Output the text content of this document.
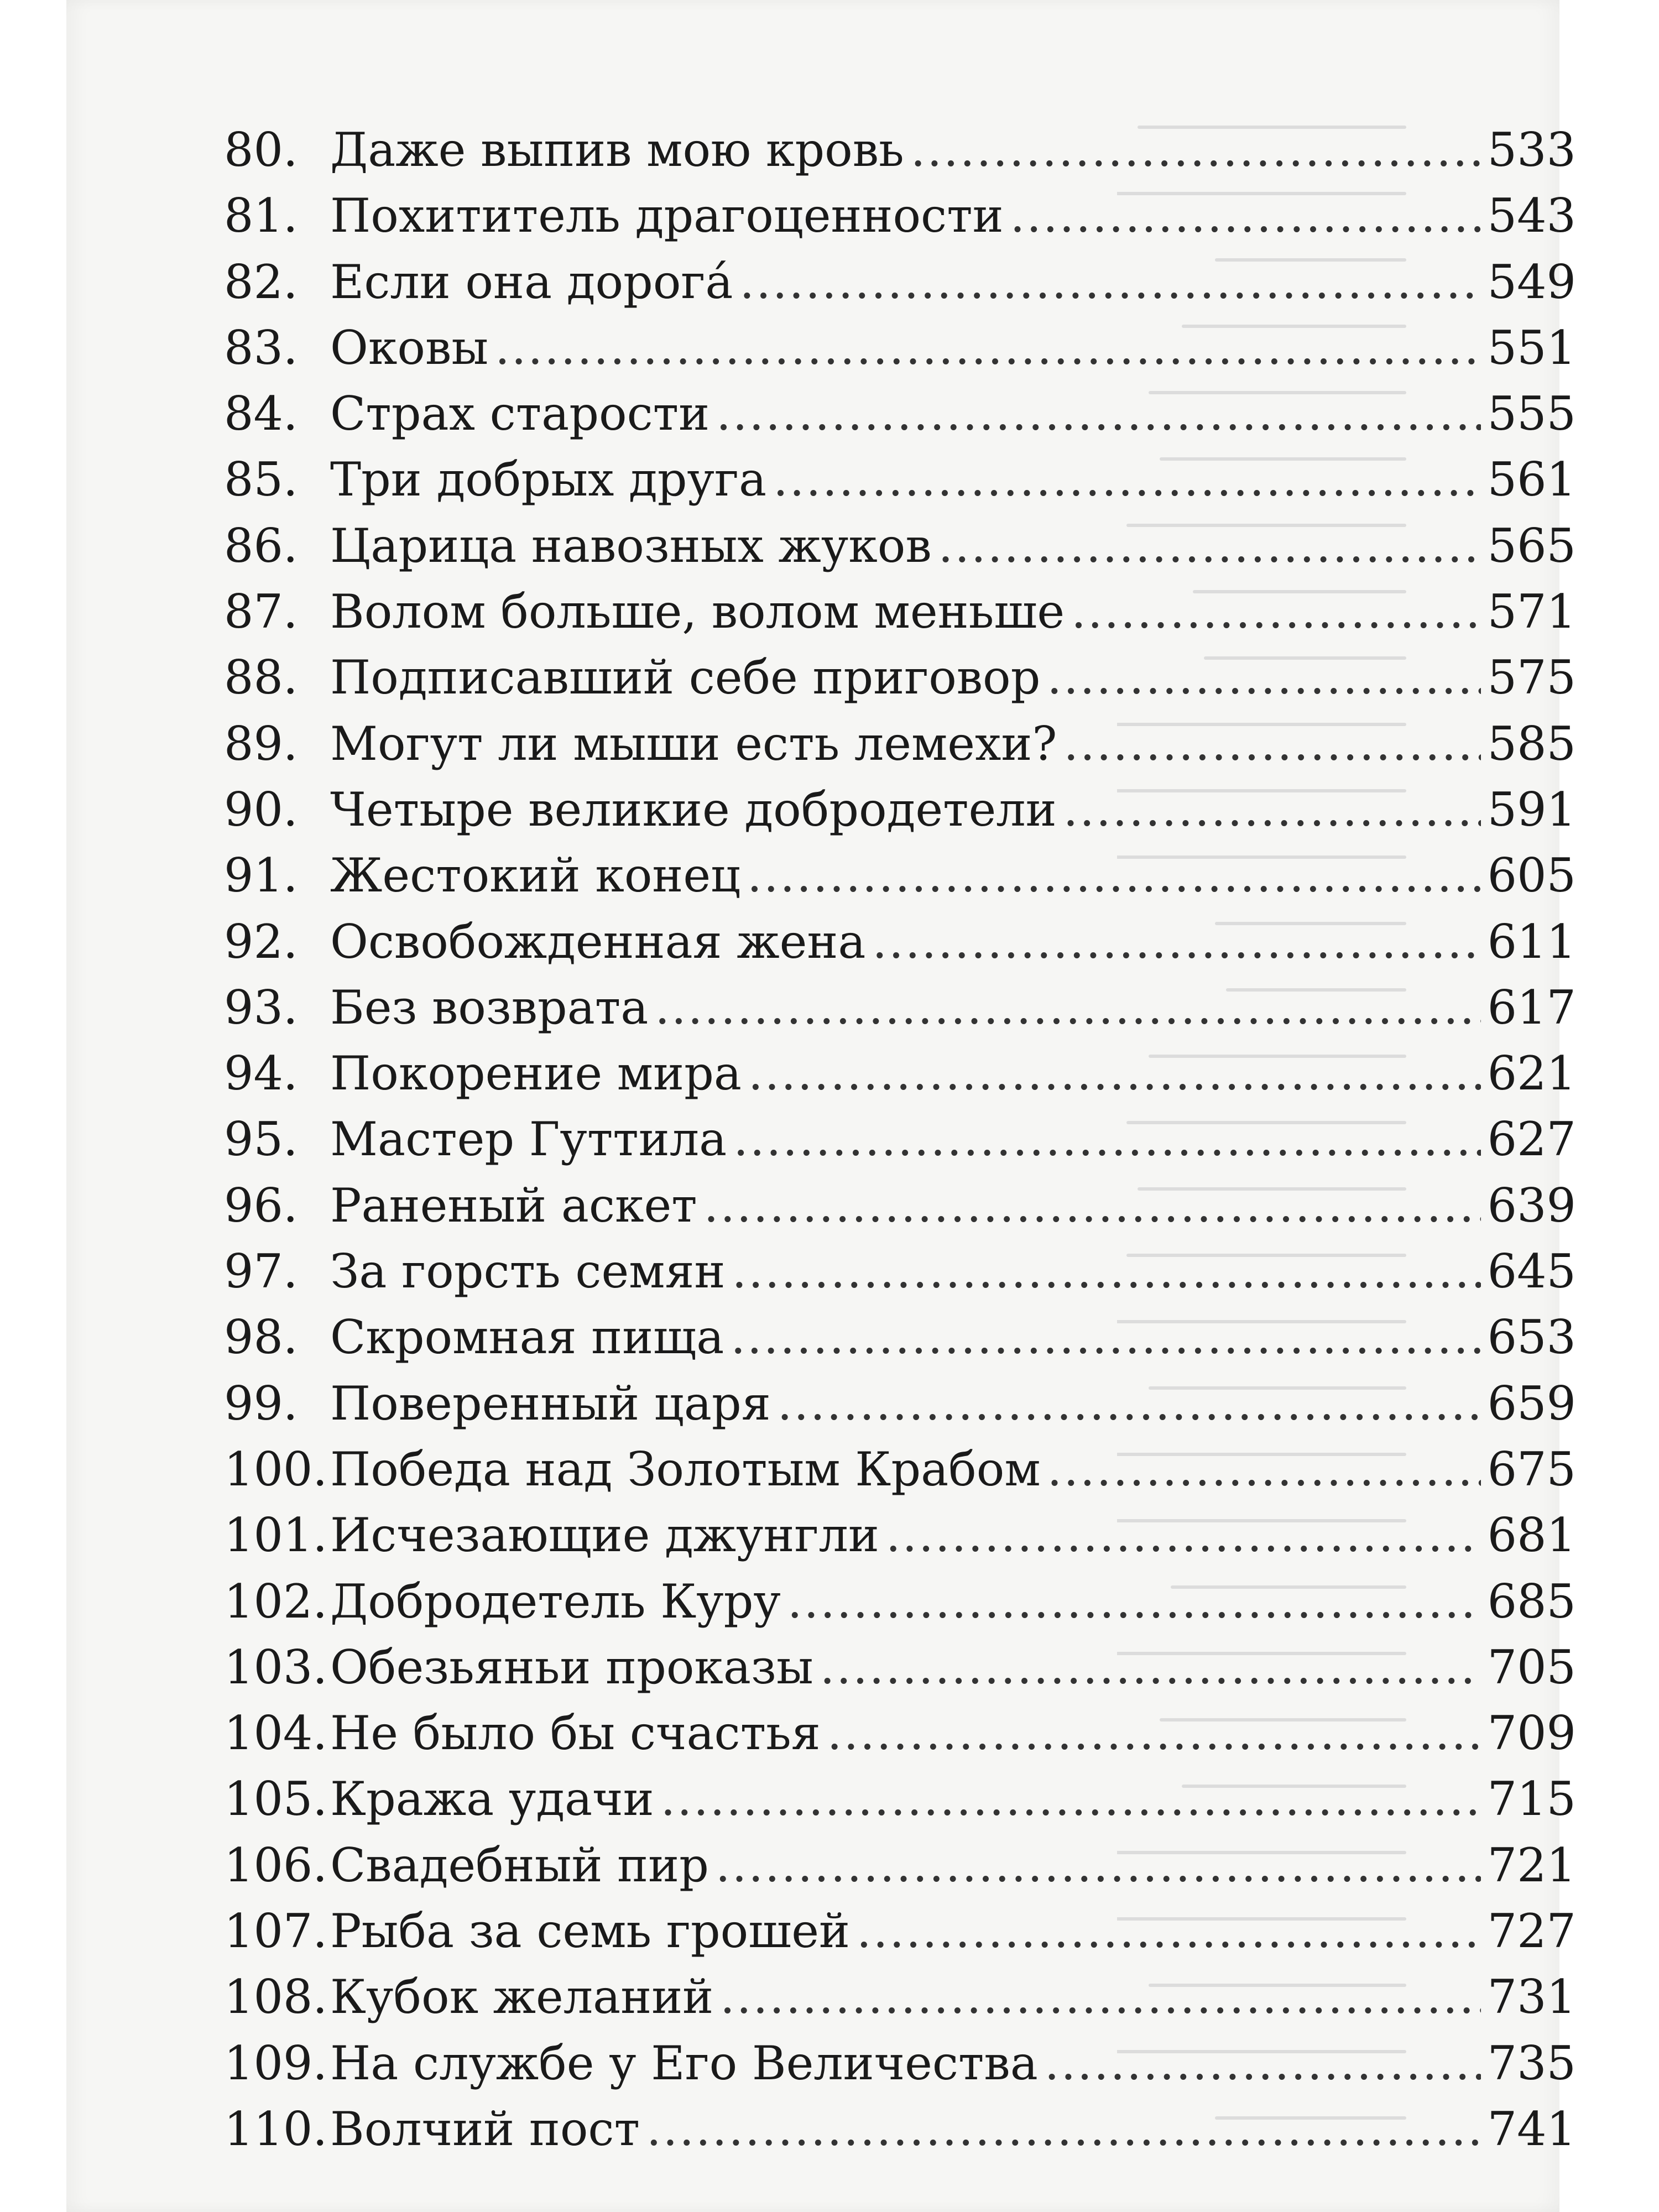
80. Даже выпив мою кровь .....	533
81. Похититель драгоценности .....	543
82. Если она дорогá .....	549
83. Оковы .....	551
84. Страх старости .....	555
85. Три добрых друга .....	561
86. Царица навозных жуков .....	565
87. Волом больше, волом меньше .....	571
88. Подписавший себе приговор .....	575
89. Могут ли мыши есть лемехи? .....	585
90. Четыре великие добродетели .....	591
91. Жестокий конец .....	605
92. Освобожденная жена .....	611
93. Без возврата .....	617
94. Покорение мира .....	621
95. Мастер Гуттила .....	627
96. Раненый аскет .....	639
97. За горсть семян .....	645
98. Скромная пища .....	653
99. Поверенный царя .....	659
100. Победа над Золотым Крабом .....	675
101. Исчезающие джунгли .....	681
102. Добродетель Куру .....	685
103. Обезьяньи проказы .....	705
104. Не было бы счастья .....	709
105. Кража удачи .....	715
106. Свадебный пир .....	721
107. Рыба за семь грошей .....	727
108. Кубок желаний .....	731
109. На службе у Его Величества .....	735
110. Волчий пост .....	741
